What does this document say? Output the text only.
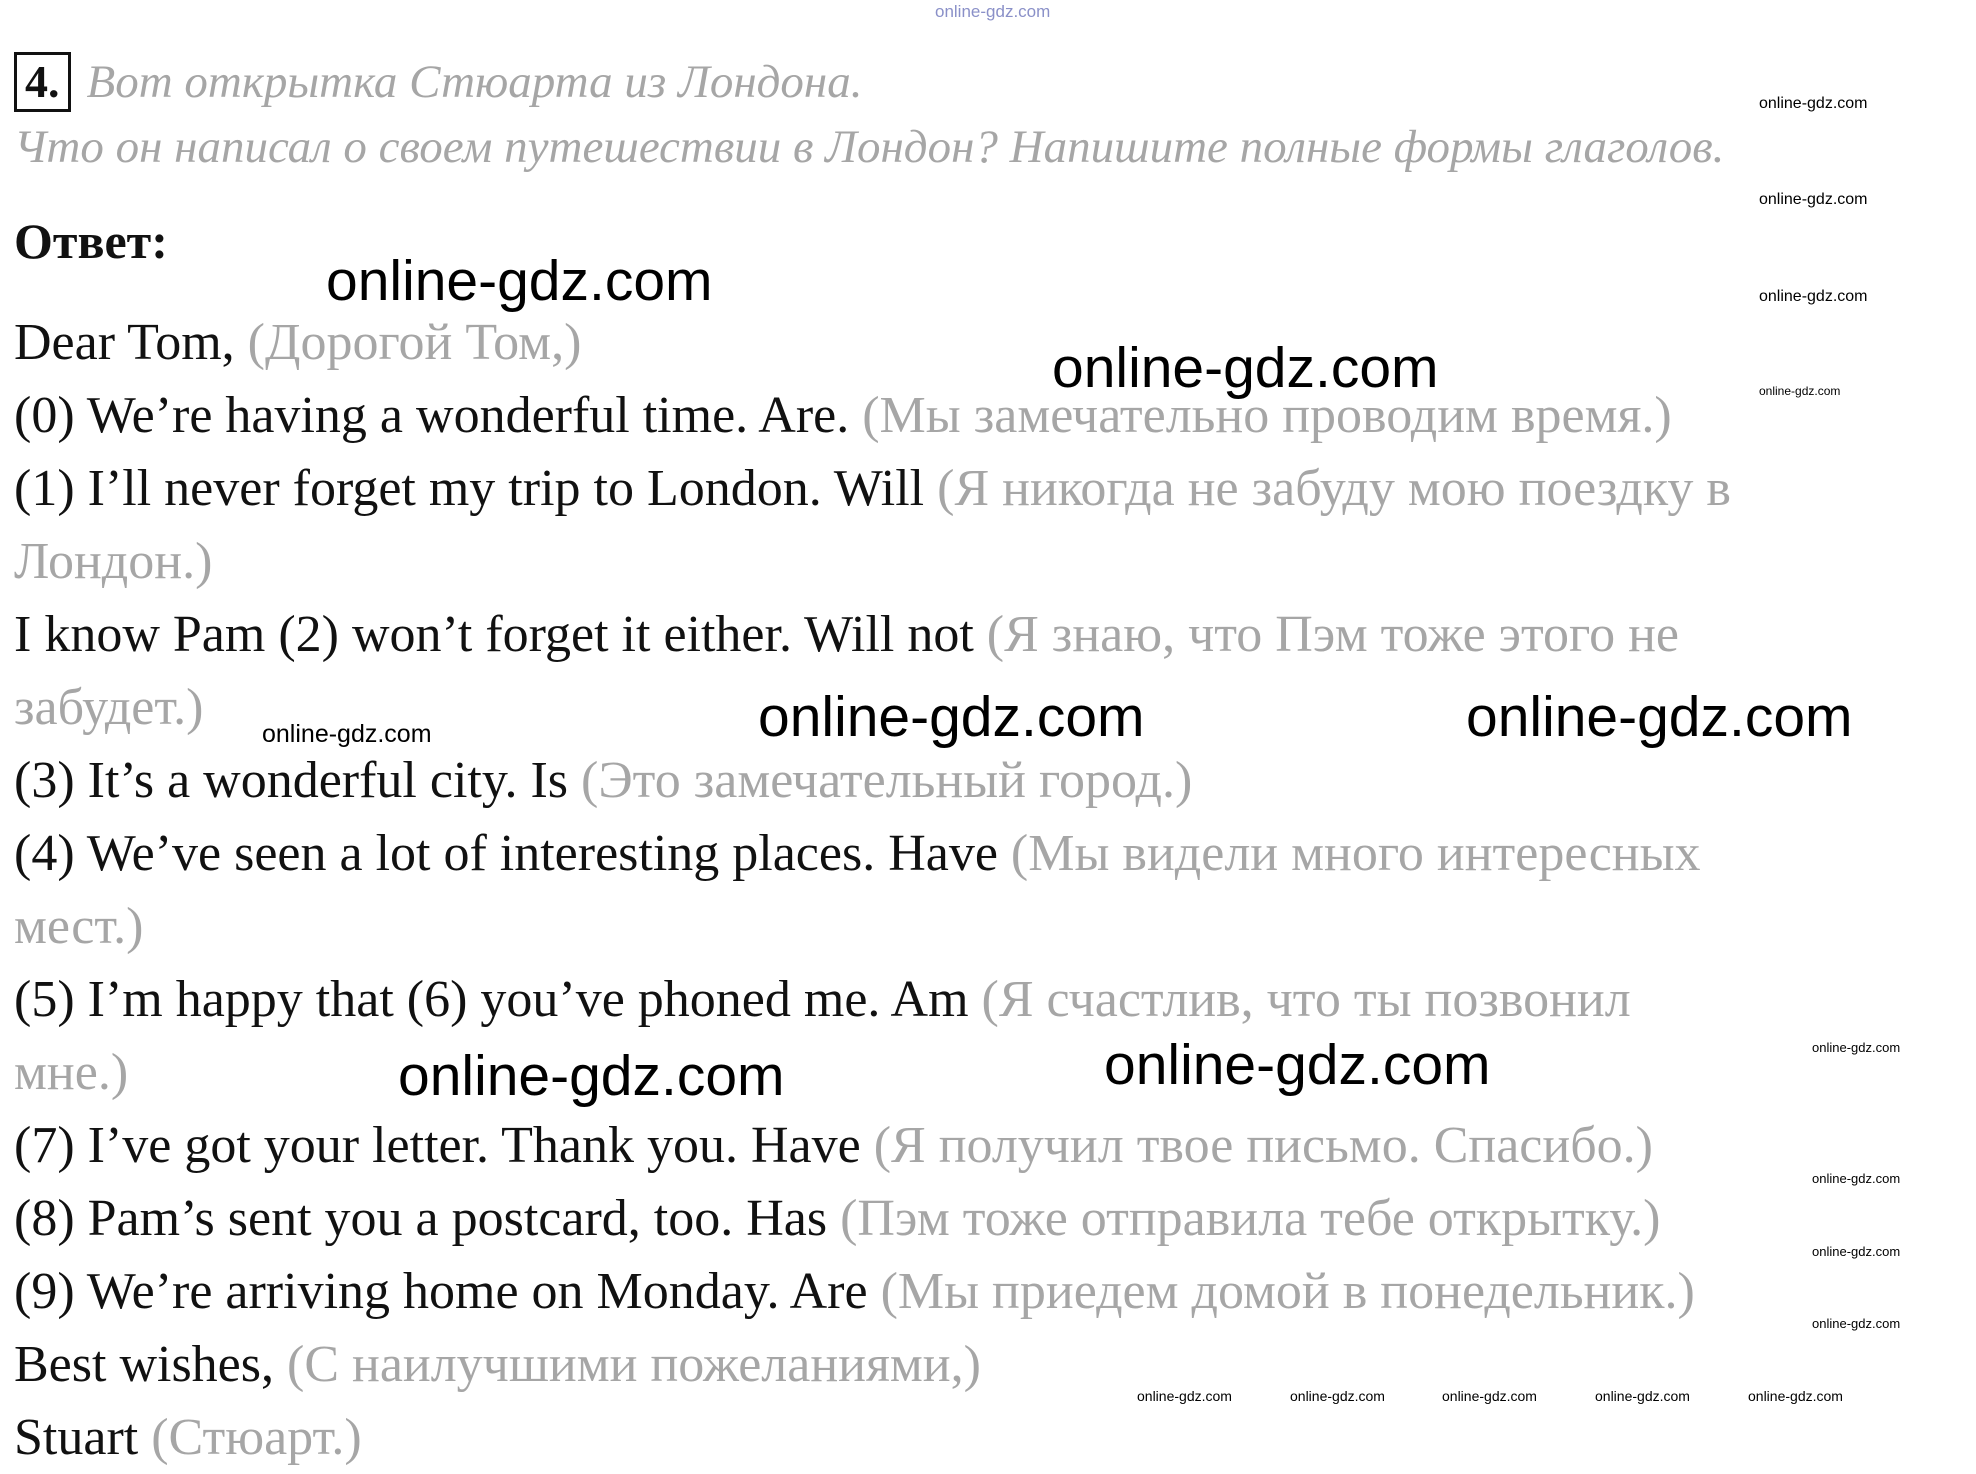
online-gdz.com
4. Вот открытка Стюарта из Лондона.
Что он написал о своем путешествии в Лондон? Напишите полные формы глаголов.
Ответ:
Dear Tom, (Дорогой Том,)
(0) We’re having a wonderful time. Are. (Мы замечательно проводим время.)
(1) I’ll never forget my trip to London. Will (Я никогда не забуду мою поездку в
Лондон.)
I know Pam (2) won’t forget it either. Will not (Я знаю, что Пэм тоже этого не
забудет.)
(3) It’s a wonderful city. Is (Это замечательный город.)
(4) We’ve seen a lot of interesting places. Have (Мы видели много интересных
мест.)
(5) I’m happy that (6) you’ve phoned me. Am (Я счастлив, что ты позвонил
мне.)
(7) I’ve got your letter. Thank you. Have (Я получил твое письмо. Спасибо.)
(8) Pam’s sent you a postcard, too. Has (Пэм тоже отправила тебе открытку.)
(9) We’re arriving home on Monday. Are (Мы приедем домой в понедельник.)
Best wishes, (С наилучшими пожеланиями,)
Stuart (Стюарт.)
online-gdz.com
online-gdz.com
online-gdz.com	online-gdz.com
online-gdz.com	online-gdz.com
online-gdz.com
online-gdz.com
online-gdz.com
online-gdz.com
online-gdz.com
online-gdz.com
online-gdz.com
online-gdz.com
online-gdz.com
online-gdz.com	online-gdz.com	online-gdz.com	online-gdz.com	online-gdz.com
